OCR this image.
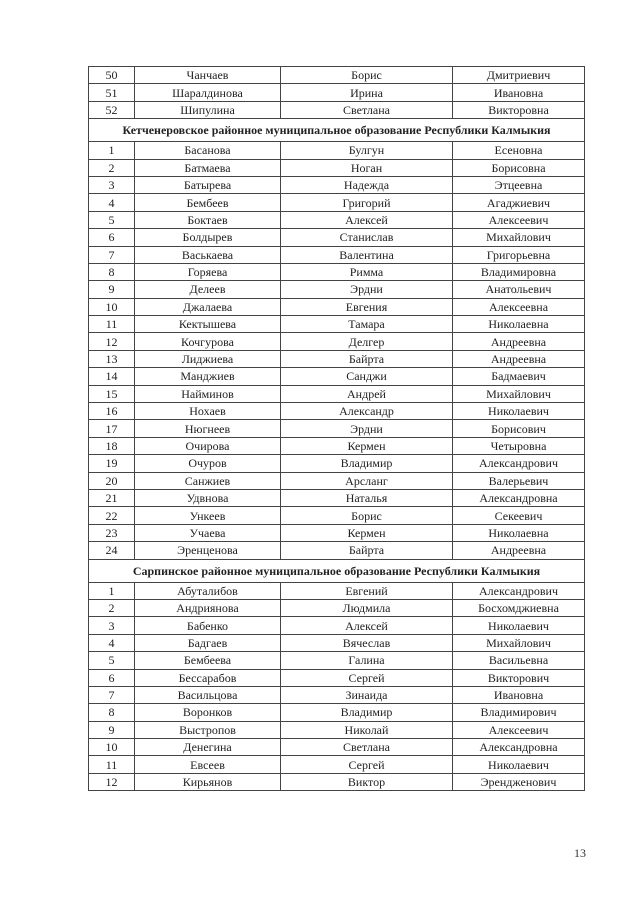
50	Чанчаев	Борис	Дмитриевич
51	Шаралдинова	Ирина	Ивановна
52	Шипулина	Светлана	Викторовна
Кетченеровское районное муниципальное образование Республики Калмыкия			
1	Басанова	Булгун	Есеновна
2	Батмаева	Ноган	Борисовна
3	Батырева	Надежда	Этцеевна
4	Бембеев	Григорий	Агаджиевич
5	Боктаев	Алексей	Алексеевич
6	Болдырев	Станислав	Михайлович
7	Васькаева	Валентина	Григорьевна
8	Горяева	Римма	Владимировна
9	Делеев	Эрдни	Анатольевич
10	Джалаева	Евгения	Алексеевна
11	Кектышева	Тамара	Николаевна
12	Кочгурова	Делгер	Андреевна
13	Лиджиева	Байрта	Андреевна
14	Манджиев	Санджи	Бадмаевич
15	Найминов	Андрей	Михайлович
16	Нохаев	Александр	Николаевич
17	Нюгнеев	Эрдни	Борисович
18	Очирова	Кермен	Четыровна
19	Очуров	Владимир	Александрович
20	Санжиев	Арсланг	Валерьевич
21	Удвнова	Наталья	Александровна
22	Ункеев	Борис	Секеевич
23	Учаева	Кермен	Николаевна
24	Эренценова	Байрта	Андреевна
Сарпинское районное муниципальное образование Республики Калмыкия			
1	Абуталибов	Евгений	Александрович
2	Андриянова	Людмила	Босхомджиевна
3	Бабенко	Алексей	Николаевич
4	Бадгаев	Вячеслав	Михайлович
5	Бембеева	Галина	Васильевна
6	Бессарабов	Сергей	Викторович
7	Васильцова	Зинаида	Ивановна
8	Воронков	Владимир	Владимирович
9	Выстропов	Николай	Алексеевич
10	Денегина	Светлана	Александровна
11	Евсеев	Сергей	Николаевич
12	Кирьянов	Виктор	Эрендженович
13
